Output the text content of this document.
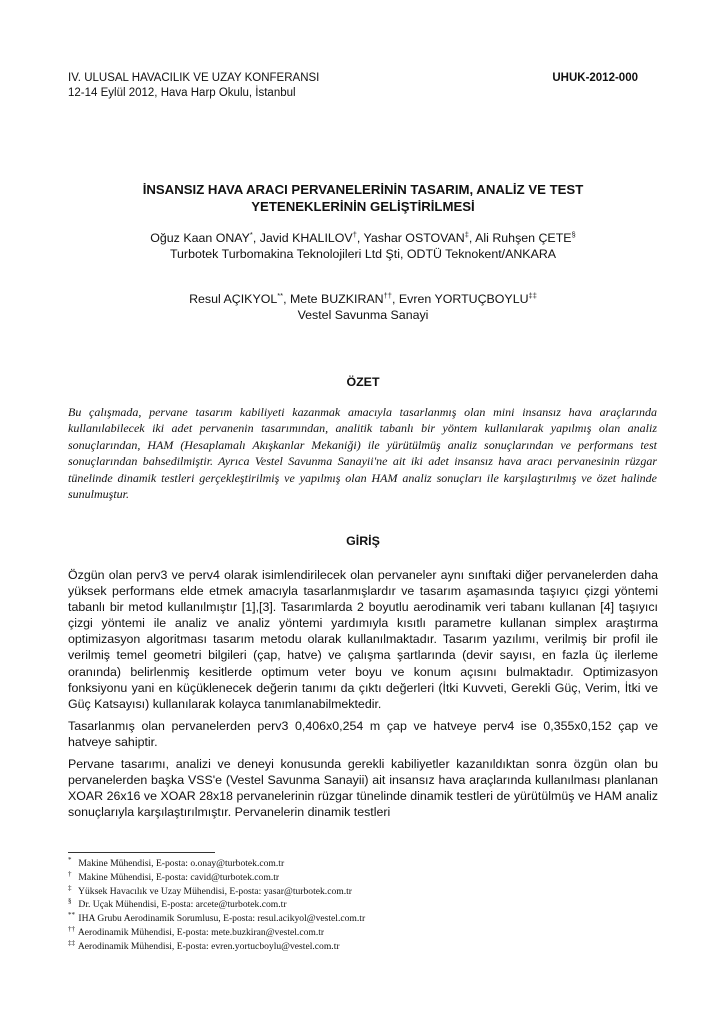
IV. ULUSAL HAVACILIK VE UZAY KONFERANSI
12-14 Eylül 2012, Hava Harp Okulu, İstanbul
UHUK-2012-000
İNSANSIZ HAVA ARACI PERVANELERİNİN TASARIM, ANALİZ VE TEST
YETENEKLERİNİN GELİŞTİRİLMESİ
Oğuz Kaan ONAY*, Javid KHALILOV†, Yashar OSTOVAN‡, Ali Ruhşen ÇETE§
Turbotek Turbomakina Teknolojileri Ltd Şti, ODTÜ Teknokent/ANKARA
Resul AÇIKYOL**, Mete BUZKIRAN††, Evren YORTUÇBOYLU‡‡
Vestel Savunma Sanayi
ÖZET

Bu çalışmada, pervane tasarım kabiliyeti kazanmak amacıyla tasarlanmış olan mini insansız hava araçlarında kullanılabilecek iki adet pervanenin tasarımından, analitik tabanlı bir yöntem kullanılarak yapılmış olan analiz sonuçlarından, HAM (Hesaplamalı Akışkanlar Mekaniği) ile yürütülmüş analiz sonuçlarından ve performans test sonuçlarından bahsedilmiştir. Ayrıca Vestel Savunma Sanayii'ne ait iki adet insansız hava aracı pervanesinin rüzgar tünelinde dinamik testleri gerçekleştirilmiş ve yapılmış olan HAM analiz sonuçları ile karşılaştırılmış ve özet halinde sunulmuştur.

GİRİŞ

Özgün olan perv3 ve perv4 olarak isimlendirilecek olan pervaneler aynı sınıftaki diğer pervanelerden daha yüksek performans elde etmek amacıyla tasarlanmışlardır ve tasarım aşamasında taşıyıcı çizgi yöntemi tabanlı bir metod kullanılmıştır [1],[3]. Tasarımlarda 2 boyutlu aerodinamik veri tabanı kullanan [4] taşıyıcı çizgi yöntemi ile analiz ve analiz yöntemi yardımıyla kısıtlı parametre kullanan simplex araştırma optimizasyon algoritması tasarım metodu olarak kullanılmaktadır. Tasarım yazılımı, verilmiş bir profil ile verilmiş temel geometri bilgileri (çap, hatve) ve çalışma şartlarında (devir sayısı, en fazla üç ilerleme oranında) belirlenmiş kesitlerde optimum veter boyu ve konum açısını bulmaktadır. Optimizasyon fonksiyonu yani en küçüklenecek değerin tanımı da çıktı değerleri (İtki Kuvveti, Gerekli Güç, Verim, İtki ve Güç Katsayısı) kullanılarak kolayca tanımlanabilmektedir.

Tasarlanmış olan pervanelerden perv3 0,406x0,254 m çap ve hatveye perv4 ise 0,355x0,152 çap ve hatveye sahiptir.

Pervane tasarımı, analizi ve deneyi konusunda gerekli kabiliyetler kazanıldıktan sonra özgün olan bu pervanelerden başka VSS'e (Vestel Savunma Sanayii) ait insansız hava araçlarında kullanılması planlanan XOAR 26x16 ve XOAR 28x18 pervanelerinin rüzgar tünelinde dinamik testleri de yürütülmüş ve HAM analiz sonuçlarıyla karşılaştırılmıştır. Pervanelerin dinamik testleri

* Makine Mühendisi, E-posta: o.onay@turbotek.com.tr
† Makine Mühendisi, E-posta: cavid@turbotek.com.tr
‡ Yüksek Havacılık ve Uzay Mühendisi, E-posta: yasar@turbotek.com.tr
§ Dr. Uçak Mühendisi, E-posta: arcete@turbotek.com.tr
** IHA Grubu Aerodinamik Sorumlusu, E-posta: resul.acikyol@vestel.com.tr
†† Aerodinamik Mühendisi, E-posta: mete.buzkiran@vestel.com.tr
‡‡ Aerodinamik Mühendisi, E-posta: evren.yortucboylu@vestel.com.tr
